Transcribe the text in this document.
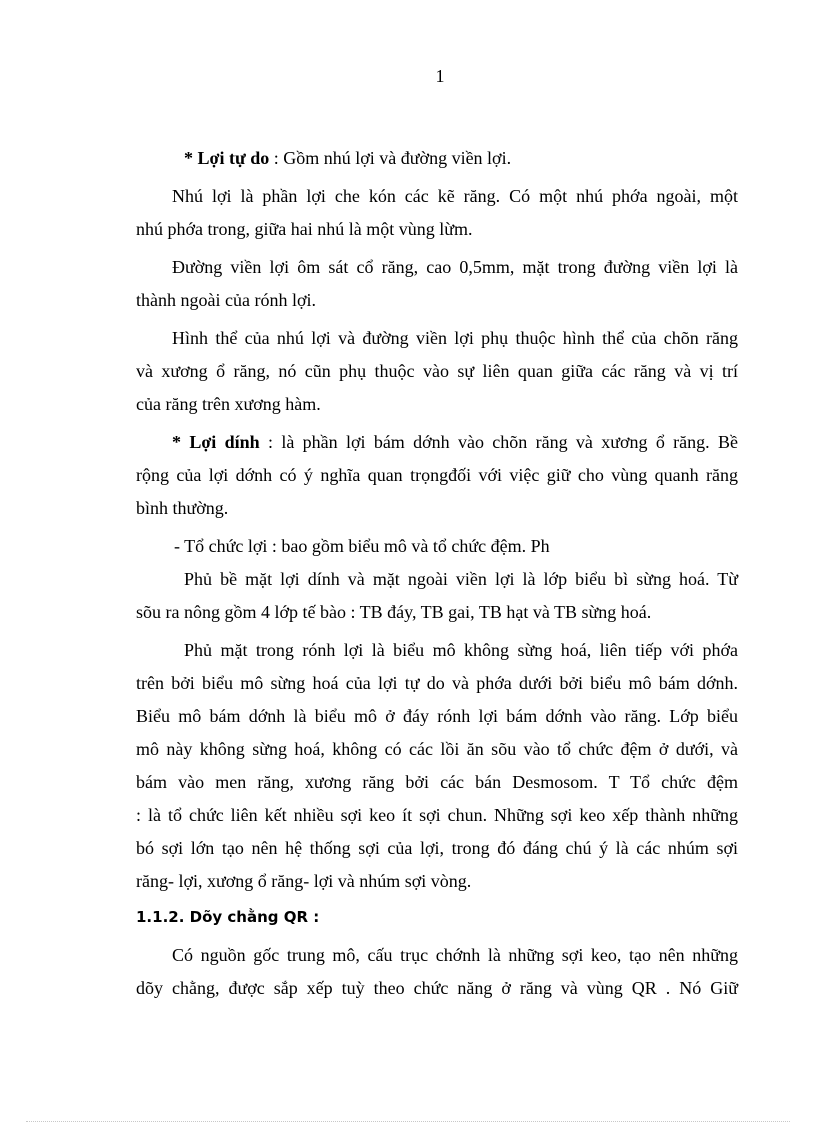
1
* Lợi tự do : Gồm nhú lợi và đường viền lợi.
Nhú lợi là phần lợi che kón các kẽ răng. Có một nhú phớa ngoài, một
nhú phớa trong, giữa hai nhú là một vùng lừm.
Đường viền lợi ôm sát cổ răng, cao 0,5mm, mặt trong đường viền lợi là
thành ngoài của rónh lợi.
Hình thể của nhú lợi và đường viền lợi phụ thuộc hình thể của chõn răng
và xương ổ răng, nó cũn phụ thuộc vào sự liên quan giữa các răng và vị trí
của răng trên xương hàm.
* Lợi dính : là phần lợi bám dớnh vào chõn răng và xương ổ răng. Bề
rộng của lợi dớnh có ý nghĩa quan trọngđối với việc giữ cho vùng quanh răng
bình thường.
- Tổ chức lợi : bao gồm biểu mô và tổ chức đệm. Ph
Phủ bề mặt lợi dính và mặt ngoài viền lợi là lớp biểu bì sừng hoá. Từ
sõu ra nông gồm 4 lớp tế bào : TB đáy, TB gai, TB hạt và TB sừng hoá.
Phủ mặt trong rónh lợi là biểu mô không sừng hoá, liên tiếp với phớa
trên bởi biểu mô sừng hoá của lợi tự do và phớa dưới bởi biểu mô bám dớnh.
Biểu mô bám dớnh là biểu mô ở đáy rónh lợi bám dớnh vào răng. Lớp biểu
mô này không sừng hoá, không có các lồi ăn sõu vào tổ chức đệm ở dưới, và
bám vào men răng, xương răng bởi các bán Desmosom. T Tổ chức đệm
: là tổ chức liên kết nhiều sợi keo ít sợi chun. Những sợi keo xếp thành những
bó sợi lớn tạo nên hệ thống sợi của lợi, trong đó đáng chú ý là các nhúm sợi
răng- lợi, xương ổ răng- lợi và nhúm sợi vòng.
1.1.2. Dõy chằng QR :
Có nguồn gốc trung mô, cấu trục chớnh là những sợi keo, tạo nên những
dõy chằng, được sắp xếp tuỳ theo chức năng ở răng và vùng QR . Nó Giữ
